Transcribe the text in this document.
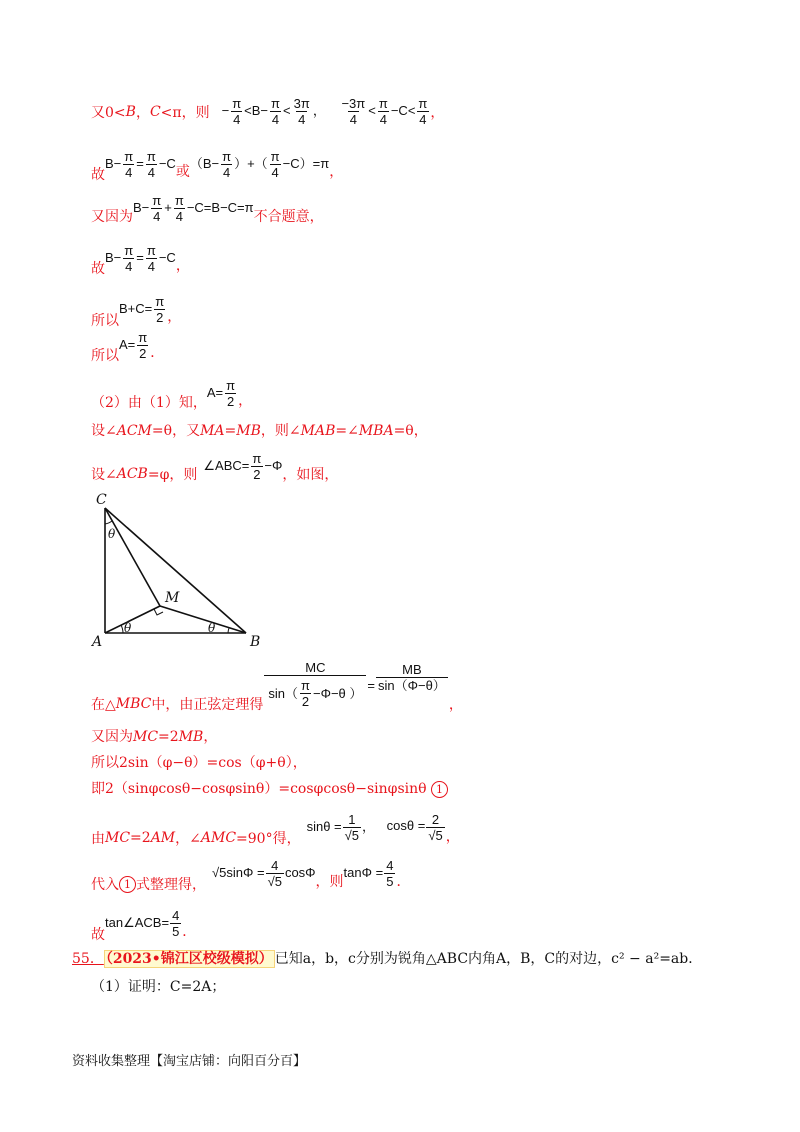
又0< B ， C <π，则 − $\frac{\pi}{4} <B- \frac{\pi}{4} < \frac{3\pi}{4}$ ， $\frac{-3\pi}{4} < \frac{\pi}{4} -C< \frac{\pi}{4}$ ，
故
$B- \frac{\pi}{4} = \frac{\pi}{4} -C$
或
（$B- \frac{\pi}{4}$ ）+（ $\frac{\pi}{4} -C)=\pi$
，
又因为
$B- \frac{\pi}{4} + \frac{\pi}{4} -C=B-C=\pi$
不合题意，
故
$B- \frac{\pi}{4} = \frac{\pi}{4} -C$
，
所以
$B+C= \frac{\pi}{2}$ ，
所以
$A= \frac{\pi}{2}$ ．
（2）由（1）知，
$A= \frac{\pi}{2}$ ，
设∠ACM=θ，又MA=MB，则∠MAB=∠MBA=θ，
设∠ ACB =φ，则
∠ABC= $\frac{\pi}{2} -\Phi$
，如图，
C
A	B
M
θ
θ	θ
在△ MBC 中，由正弦定理得 $\frac{MC}{\sin( \frac{\pi}{2} -\Phi-\theta )} = \frac{MB}{\sin(\Phi-\theta)}$
，
又因为MC=2MB，
所以2sin（φ−θ）=cos（φ+θ），
即2（sinφcosθ−cosφsinθ）=cosφcosθ−sinφsinθ 1
由 MC =2 AM ，∠ AMC =90°得，
$\sin\theta = \frac{1}{√5}$ ， $\cos\theta = \frac{2}{√5}$ ，
代入 1 式整理得，
$√5\sin\Phi = \frac{4}{√5}$ cosΦ
，则
$\tan\Phi = \frac{4}{5}$ ．
故
tan∠ACB= $\frac{4}{5}$ ．
55． （2023•锦江区校级模拟） 已知a，b，c分别为锐角△ABC内角A，B，C的对边，c² − a²=ab．
（1）证明：C=2A；
资料收集整理【淘宝店铺：向阳百分百】
